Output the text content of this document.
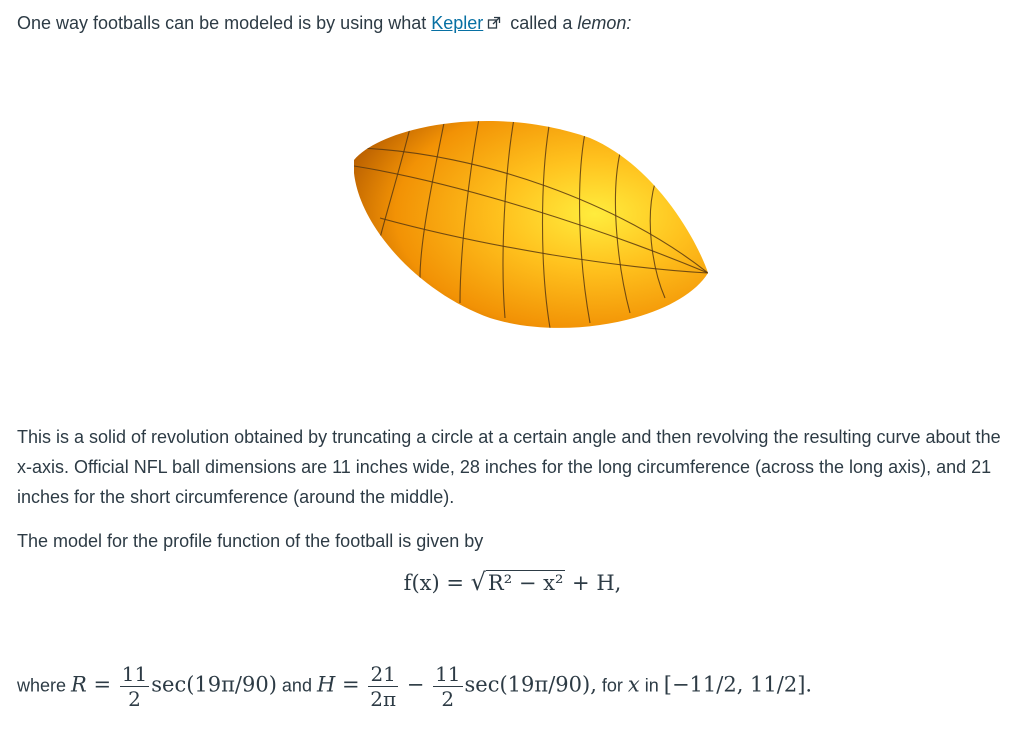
One way footballs can be modeled is by using what Kepler called a lemon:

This is a solid of revolution obtained by truncating a circle at a certain angle and then revolving the resulting curve about the x-axis. Official NFL ball dimensions are 11 inches wide, 28 inches for the long circumference (across the long axis), and 21 inches for the short circumference (around the middle).

The model for the profile function of the football is given by

f(x) = √R² − x² + H,

where $R = \frac{11}{2} \sec(19\pi/90)$ and $H = \frac{21}{2\pi} - \frac{11}{2} \sec(19\pi/90)$, for x in [−11/2, 11/2].
